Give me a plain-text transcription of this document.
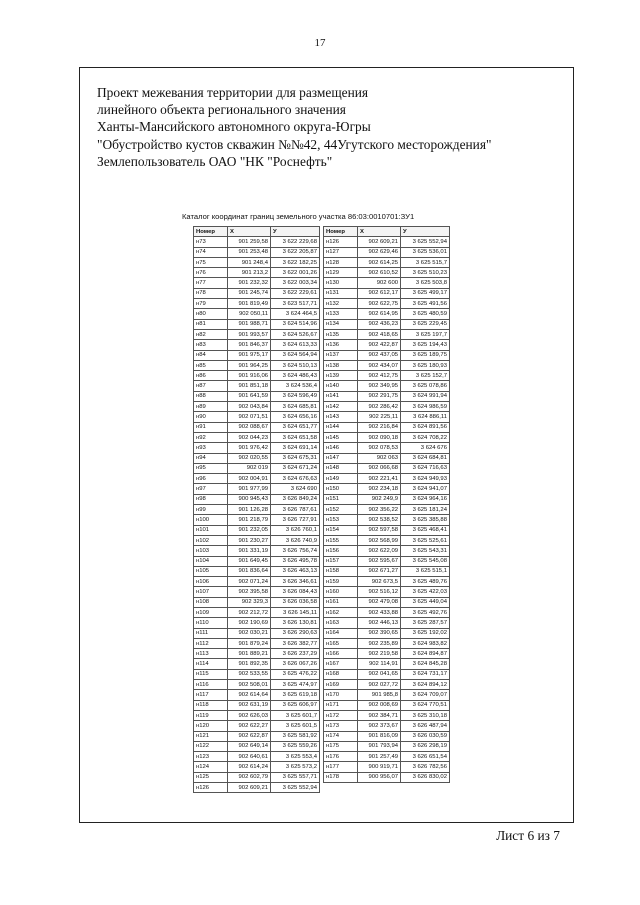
17
Проект межевания территории для размещения
линейного объекта регионального значения
Ханты-Мансийского автономного округа-Югры
"Обустройство кустов скважин №№42, 44Угутского месторождения"
Землепользователь ОАО "НК "Роснефть"
Каталог координат границ земельного участка 86:03:0010701:ЗУ1
Номер	X	У
н73	901 259,58	3 622 229,68
н74	901 253,48	3 622 205,87
н75	901 248,4	3 622 182,25
н76	901 213,2	3 622 001,26
н77	901 232,32	3 622 003,34
н78	901 245,74	3 622 229,61
н79	901 819,49	3 623 517,71
н80	902 050,11	3 624 464,5
н81	901 988,71	3 624 514,96
н82	901 993,57	3 624 526,67
н83	901 846,37	3 624 613,33
н84	901 975,17	3 624 564,94
н85	901 964,25	3 624 510,13
н86	901 916,06	3 624 486,43
н87	901 851,18	3 624 536,4
н88	901 641,59	3 624 596,49
н89	902 043,84	3 624 685,81
н90	902 071,51	3 624 656,16
н91	902 088,67	3 624 651,77
н92	902 044,23	3 624 651,58
н93	901 976,42	3 624 691,14
н94	902 020,55	3 624 675,31
н95	902 019	3 624 671,24
н96	902 004,91	3 624 676,63
н97	901 977,99	3 624 690
н98	900 945,43	3 626 849,24
н99	901 126,28	3 626 787,61
н100	901 218,79	3 626 727,91
н101	901 232,05	3 626 760,1
н102	901 230,27	3 626 740,9
н103	901 331,19	3 626 756,74
н104	901 649,45	3 626 495,78
н105	901 836,64	3 626 463,13
н106	902 071,24	3 626 346,61
н107	902 395,58	3 626 084,43
н108	902 329,3	3 626 036,58
н109	902 212,72	3 626 145,11
н110	902 190,69	3 626 130,81
н111	902 030,21	3 626 290,63
н112	901 879,24	3 626 382,77
н113	901 889,21	3 626 237,29
н114	901 892,35	3 626 067,26
н115	902 533,55	3 625 476,22
н116	902 508,01	3 625 474,97
н117	902 614,64	3 625 619,18
н118	902 631,19	3 625 606,97
н119	902 626,03	3 625 601,7
н120	902 622,27	3 625 601,5
н121	902 622,87	3 625 581,92
н122	902 649,14	3 625 559,26
н123	902 640,61	3 625 553,4
н124	902 614,24	3 625 573,2
н125	902 602,79	3 625 557,71
н126	902 609,21	3 625 552,94
Номер	X	У
н126	902 609,21	3 625 552,94
н127	902 629,46	3 625 536,01
н128	902 614,25	3 625 515,7
н129	902 610,52	3 625 510,23
н130	902 600	3 625 503,8
н131	902 612,17	3 625 499,17
н132	902 622,75	3 625 491,56
н133	902 614,95	3 625 480,59
н134	902 436,23	3 625 229,45
н135	902 418,65	3 625 197,7
н136	902 422,87	3 625 194,43
н137	902 437,05	3 625 189,75
н138	902 434,07	3 625 180,93
н139	902 412,75	3 625 152,7
н140	902 349,95	3 625 078,86
н141	902 291,75	3 624 991,94
н142	902 286,42	3 624 986,59
н143	902 225,11	3 624 886,11
н144	902 216,84	3 624 891,56
н145	902 090,18	3 624 708,22
н146	902 078,53	3 624 676
н147	902 063	3 624 684,81
н148	902 066,68	3 624 716,63
н149	902 221,41	3 624 949,93
н150	902 234,18	3 624 941,07
н151	902 249,9	3 624 964,16
н152	902 356,22	3 625 181,24
н153	902 538,52	3 625 385,88
н154	902 597,58	3 625 468,41
н155	902 568,99	3 625 525,61
н156	902 622,09	3 625 543,31
н157	902 595,67	3 625 545,08
н158	902 671,27	3 625 515,1
н159	902 673,5	3 625 489,76
н160	902 516,12	3 625 422,03
н161	902 479,08	3 625 449,04
н162	902 433,88	3 625 492,76
н163	902 446,13	3 625 287,57
н164	902 390,65	3 625 192,02
н165	902 235,89	3 624 983,82
н166	902 219,58	3 624 894,87
н167	902 114,91	3 624 845,28
н168	902 041,65	3 624 731,17
н169	902 027,72	3 624 894,12
н170	901 985,8	3 624 709,07
н171	902 008,69	3 624 770,51
н172	902 384,71	3 625 310,18
н173	902 373,67	3 626 487,94
н174	901 816,09	3 626 030,59
н175	901 793,94	3 626 298,19
н176	901 257,49	3 626 651,54
н177	900 919,71	3 626 782,56
н178	900 956,07	3 626 830,02
Лист 6 из 7
